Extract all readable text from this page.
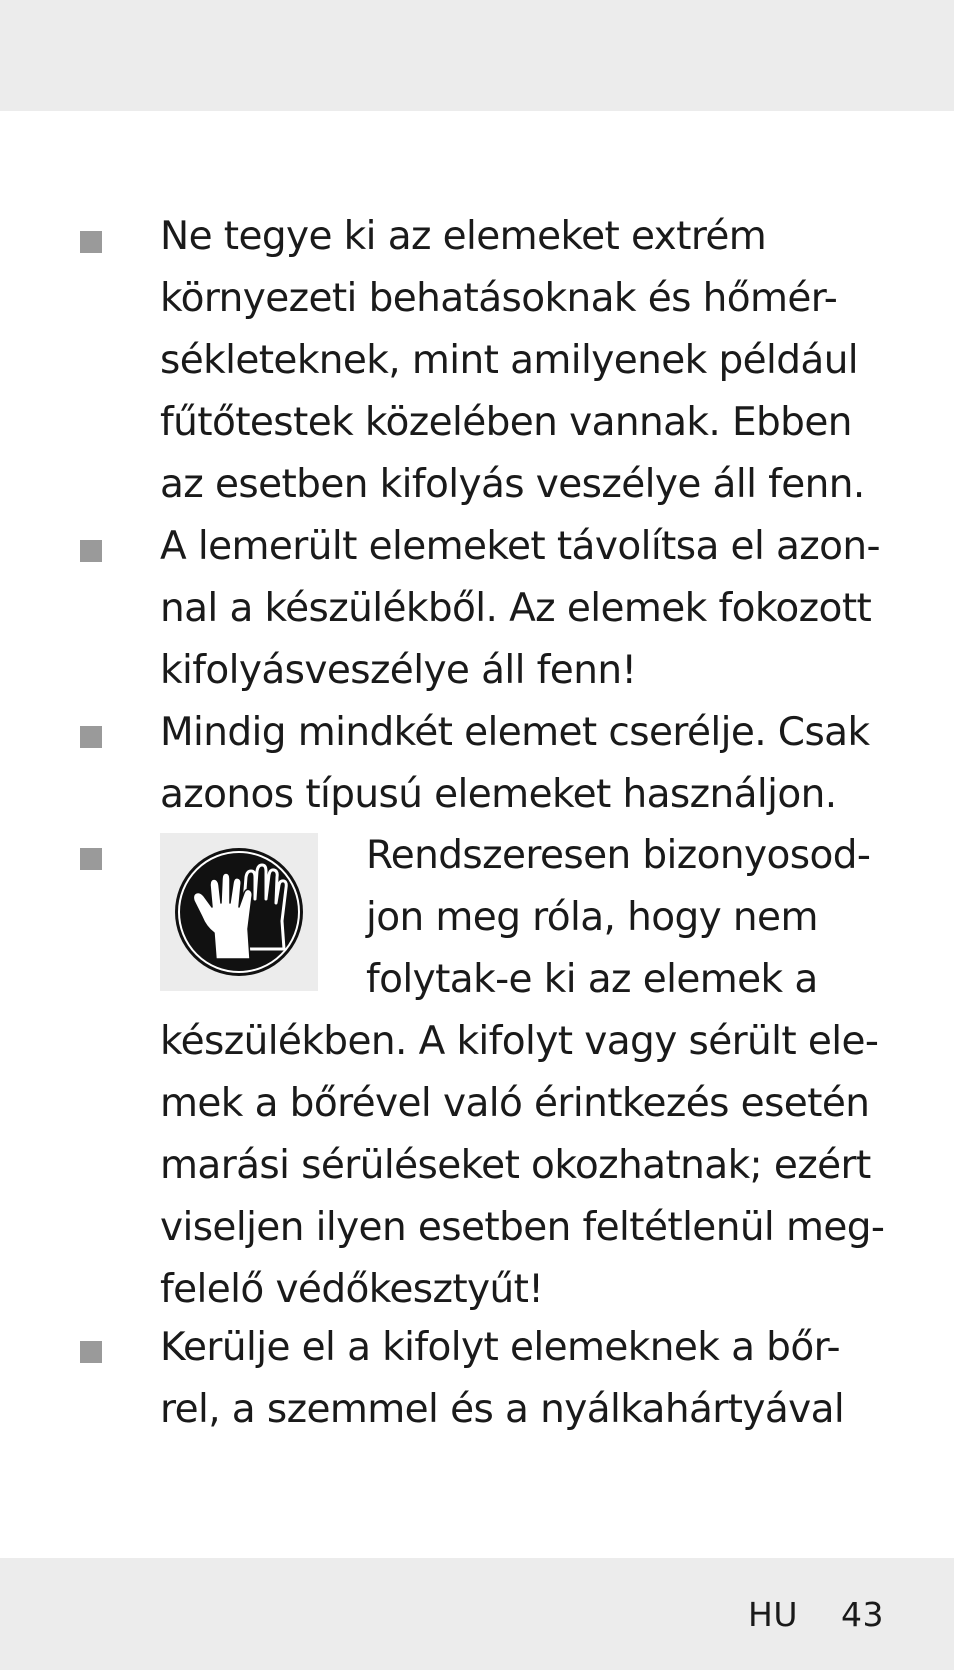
Ne tegye ki az elemeket extrém
környezeti behatásoknak és hőmér-
sékleteknek, mint amilyenek például
fűtőtestek közelében vannak. Ebben
az esetben kifolyás veszélye áll fenn.
A lemerült elemeket távolítsa el azon-
nal a készülékből. Az elemek fokozott
kifolyásveszélye áll fenn!
Mindig mindkét elemet cserélje. Csak
azonos típusú elemeket használjon.
Rendszeresen bizonyosod-
jon meg róla, hogy nem
folytak-e ki az elemek a
készülékben. A kifolyt vagy sérült ele-
mek a bőrével való érintkezés esetén
marási sérüléseket okozhatnak; ezért
viseljen ilyen esetben feltétlenül meg-
felelő védőkesztyűt!
Kerülje el a kifolyt elemeknek a bőr-
rel, a szemmel és a nyálkahártyával
HU 43
